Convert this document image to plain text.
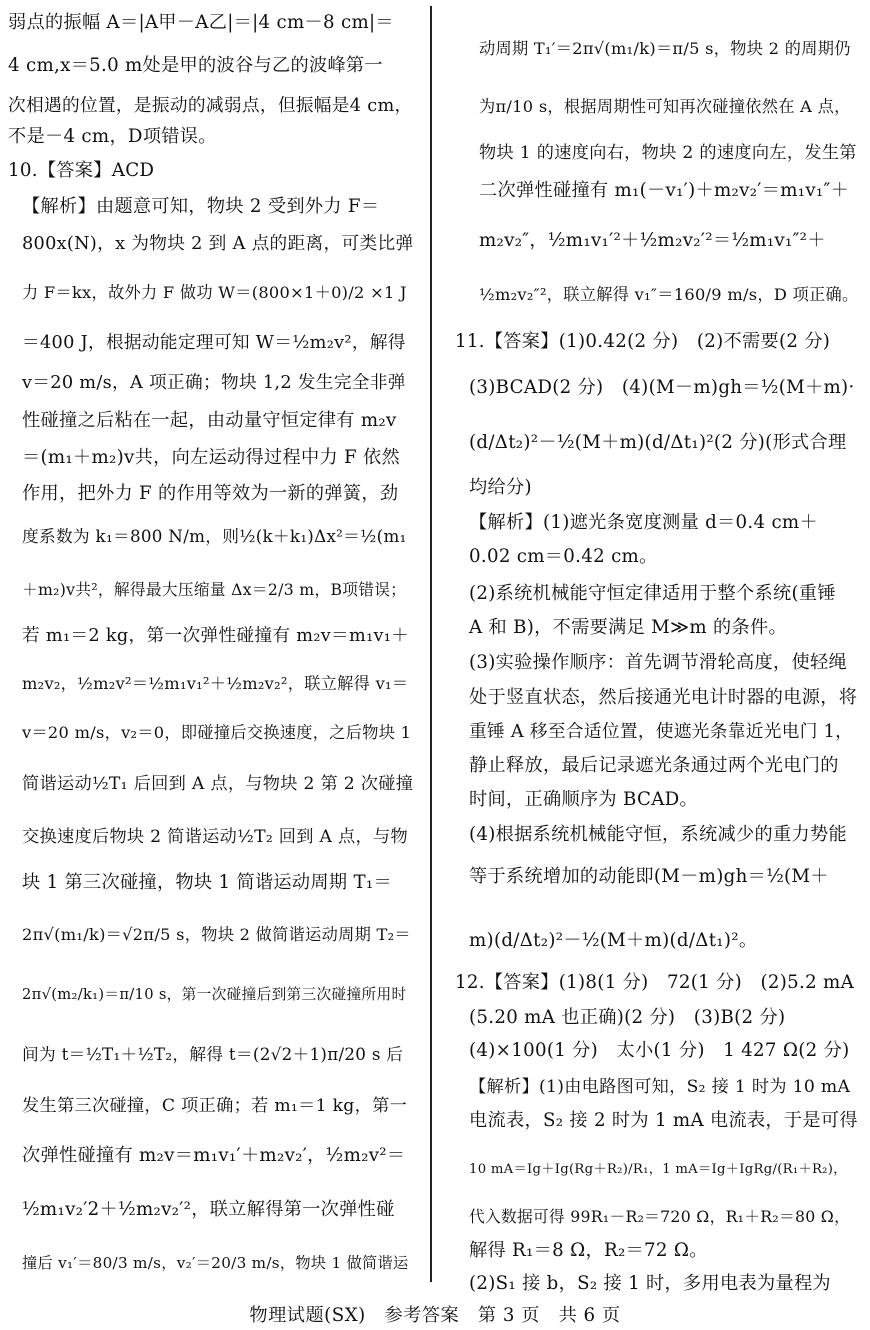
弱点的振幅 A＝|A甲－A乙|＝|4 cm－8 cm|＝
4 cm,x＝5.0 m处是甲的波谷与乙的波峰第一
次相遇的位置，是振动的减弱点，但振幅是4 cm，
不是－4 cm，D项错误。
10.【答案】ACD
【解析】由题意可知，物块 2 受到外力 F＝
800x(N)，x 为物块 2 到 A 点的距离，可类比弹
力 F＝kx，故外力 F 做功 W＝(800×1＋0)/2 ×1 J
＝400 J，根据动能定理可知 W＝½m₂v²，解得
v＝20 m/s，A 项正确；物块 1,2 发生完全非弹
性碰撞之后粘在一起，由动量守恒定律有 m₂v
＝(m₁＋m₂)v共，向左运动得过程中力 F 依然
作用，把外力 F 的作用等效为一新的弹簧，劲
度系数为 k₁＝800 N/m，则½(k＋k₁)Δx²＝½(m₁
＋m₂)v共²，解得最大压缩量 Δx＝2/3 m，B项错误；
若 m₁＝2 kg，第一次弹性碰撞有 m₂v＝m₁v₁＋
m₂v₂，½m₂v²＝½m₁v₁²＋½m₂v₂²，联立解得 v₁＝
v＝20 m/s，v₂＝0，即碰撞后交换速度，之后物块 1
简谐运动½T₁ 后回到 A 点，与物块 2 第 2 次碰撞
交换速度后物块 2 简谐运动½T₂ 回到 A 点，与物
块 1 第三次碰撞，物块 1 简谐运动周期 T₁＝
2π√(m₁/k)＝√2π/5 s，物块 2 做简谐运动周期 T₂＝
2π√(m₂/k₁)＝π/10 s，第一次碰撞后到第三次碰撞所用时
间为 t＝½T₁＋½T₂，解得 t＝(2√2＋1)π/20 s 后
发生第三次碰撞，C 项正确；若 m₁＝1 kg，第一
次弹性碰撞有 m₂v＝m₁v₁′＋m₂v₂′，½m₂v²＝
½m₁v₂′2＋½m₂v₂′²，联立解得第一次弹性碰
撞后 v₁′＝80/3 m/s，v₂′＝20/3 m/s，物块 1 做简谐运
动周期 T₁′＝2π√(m₁/k)＝π/5 s，物块 2 的周期仍
为π/10 s，根据周期性可知再次碰撞依然在 A 点，
物块 1 的速度向右，物块 2 的速度向左，发生第
二次弹性碰撞有 m₁(－v₁′)＋m₂v₂′＝m₁v₁″＋
m₂v₂″，½m₁v₁′²＋½m₂v₂′²＝½m₁v₁″²＋
½m₂v₂″²，联立解得 v₁″＝160/9 m/s，D 项正确。
11.【答案】(1)0.42(2 分)　(2)不需要(2 分)
(3)BCAD(2 分)　(4)(M－m)gh＝½(M＋m)·
(d/Δt₂)²－½(M＋m)(d/Δt₁)²(2 分)(形式合理
均给分)
【解析】(1)遮光条宽度测量 d＝0.4 cm＋
0.02 cm＝0.42 cm。
(2)系统机械能守恒定律适用于整个系统(重锤
A 和 B)，不需要满足 M≫m 的条件。
(3)实验操作顺序：首先调节滑轮高度，使轻绳
处于竖直状态，然后接通光电计时器的电源，将
重锤 A 移至合适位置，使遮光条靠近光电门 1，
静止释放，最后记录遮光条通过两个光电门的
时间，正确顺序为 BCAD。
(4)根据系统机械能守恒，系统减少的重力势能
等于系统增加的动能即(M－m)gh＝½(M＋
m)(d/Δt₂)²－½(M＋m)(d/Δt₁)²。
12.【答案】(1)8(1 分)　72(1 分)　(2)5.2 mA
(5.20 mA 也正确)(2 分)　(3)B(2 分)
(4)×100(1 分)　太小(1 分)　1 427 Ω(2 分)
【解析】(1)由电路图可知，S₂ 接 1 时为 10 mA
电流表，S₂ 接 2 时为 1 mA 电流表，于是可得
10 mA＝Ig＋Ig(Rg＋R₂)/R₁，1 mA＝Ig＋IgRg/(R₁＋R₂)，
代入数据可得 99R₁－R₂＝720 Ω，R₁＋R₂＝80 Ω，
解得 R₁＝8 Ω，R₂＝72 Ω。
(2)S₁ 接 b，S₂ 接 1 时，多用电表为量程为
物理试题(SX)　参考答案　第 3 页　共 6 页
